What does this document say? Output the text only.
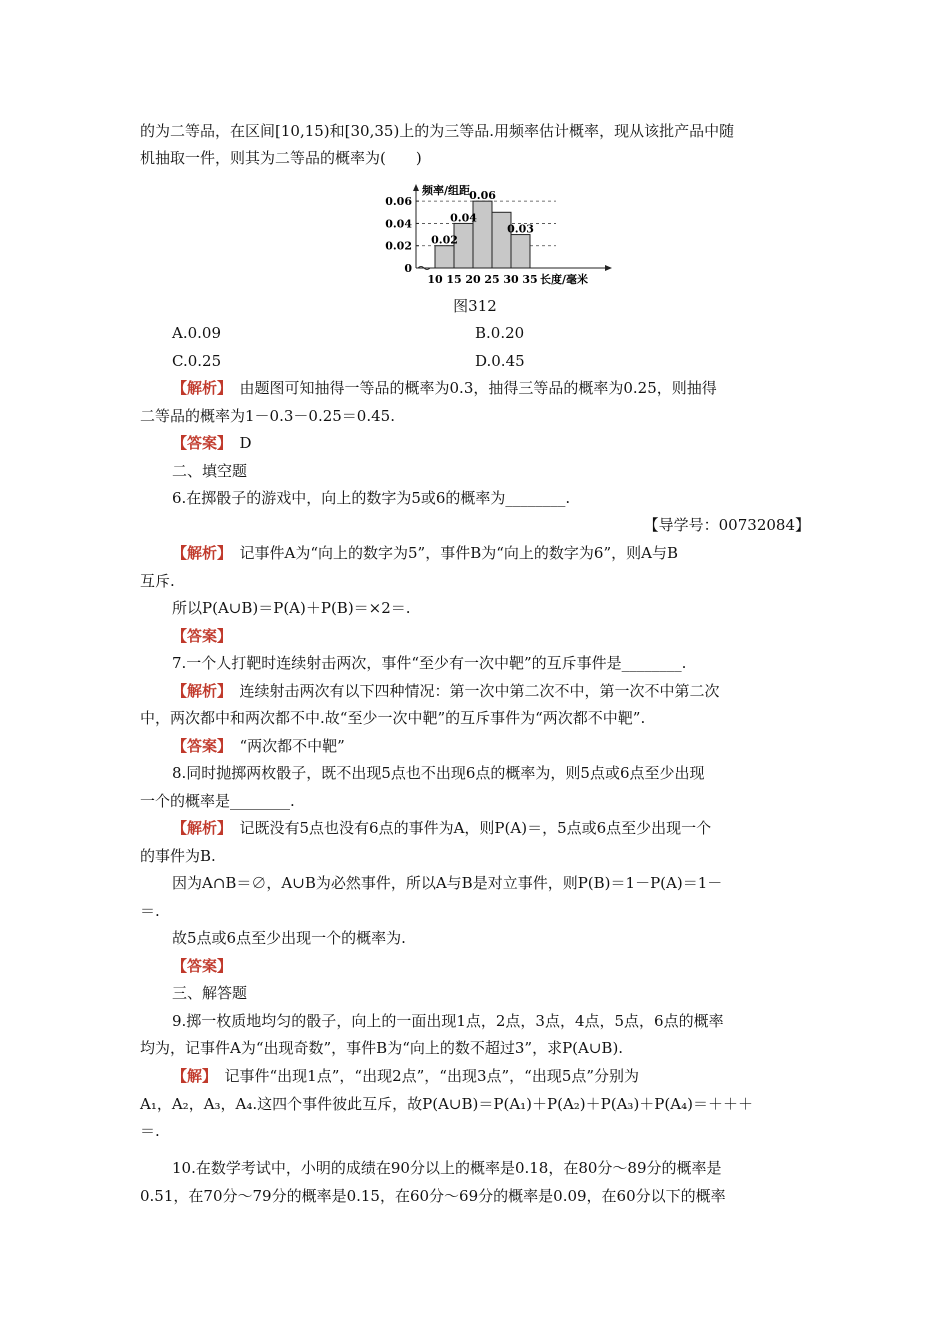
的为二等品，在区间[10,15)和[30,35)上的为三等品.用频率估计概率，现从该批产品中随
机抽取一件，则其为二等品的概率为(　　)
频率/组距
长度/毫米
0.06
0.04
0.02
0
0.02
0.04
0.06
0.03
10 15 20 25 30 35
图312
A.0.09	B.0.20
C.0.25	D.0.45
【解析】　由题图可知抽得一等品的概率为0.3，抽得三等品的概率为0.25，则抽得
二等品的概率为1－0.3－0.25＝0.45.
【答案】　D
二、填空题
6.在掷骰子的游戏中，向上的数字为5或6的概率为________.
【导学号：00732084】
【解析】　记事件A为“向上的数字为5”，事件B为“向上的数字为6”，则A与B
互斥.
所以P(A∪B)＝P(A)＋P(B)＝×2＝.
【答案】
7.一个人打靶时连续射击两次，事件“至少有一次中靶”的互斥事件是________.
【解析】　连续射击两次有以下四种情况：第一次中第二次不中，第一次不中第二次
中，两次都中和两次都不中.故“至少一次中靶”的互斥事件为“两次都不中靶”.
【答案】　“两次都不中靶”
8.同时抛掷两枚骰子，既不出现5点也不出现6点的概率为，则5点或6点至少出现
一个的概率是________.
【解析】　记既没有5点也没有6点的事件为A，则P(A)＝，5点或6点至少出现一个
的事件为B.
因为A∩B＝∅，A∪B为必然事件，所以A与B是对立事件，则P(B)＝1－P(A)＝1－
＝.
故5点或6点至少出现一个的概率为.
【答案】
三、解答题
9.掷一枚质地均匀的骰子，向上的一面出现1点，2点，3点，4点，5点，6点的概率
均为，记事件A为“出现奇数”，事件B为“向上的数不超过3”，求P(A∪B).
【解】　记事件“出现1点”，“出现2点”，“出现3点”，“出现5点”分别为
A₁，A₂，A₃，A₄.这四个事件彼此互斥，故P(A∪B)＝P(A₁)＋P(A₂)＋P(A₃)＋P(A₄)＝＋＋＋
＝.
10.在数学考试中，小明的成绩在90分以上的概率是0.18，在80分～89分的概率是
0.51，在70分～79分的概率是0.15，在60分～69分的概率是0.09，在60分以下的概率
